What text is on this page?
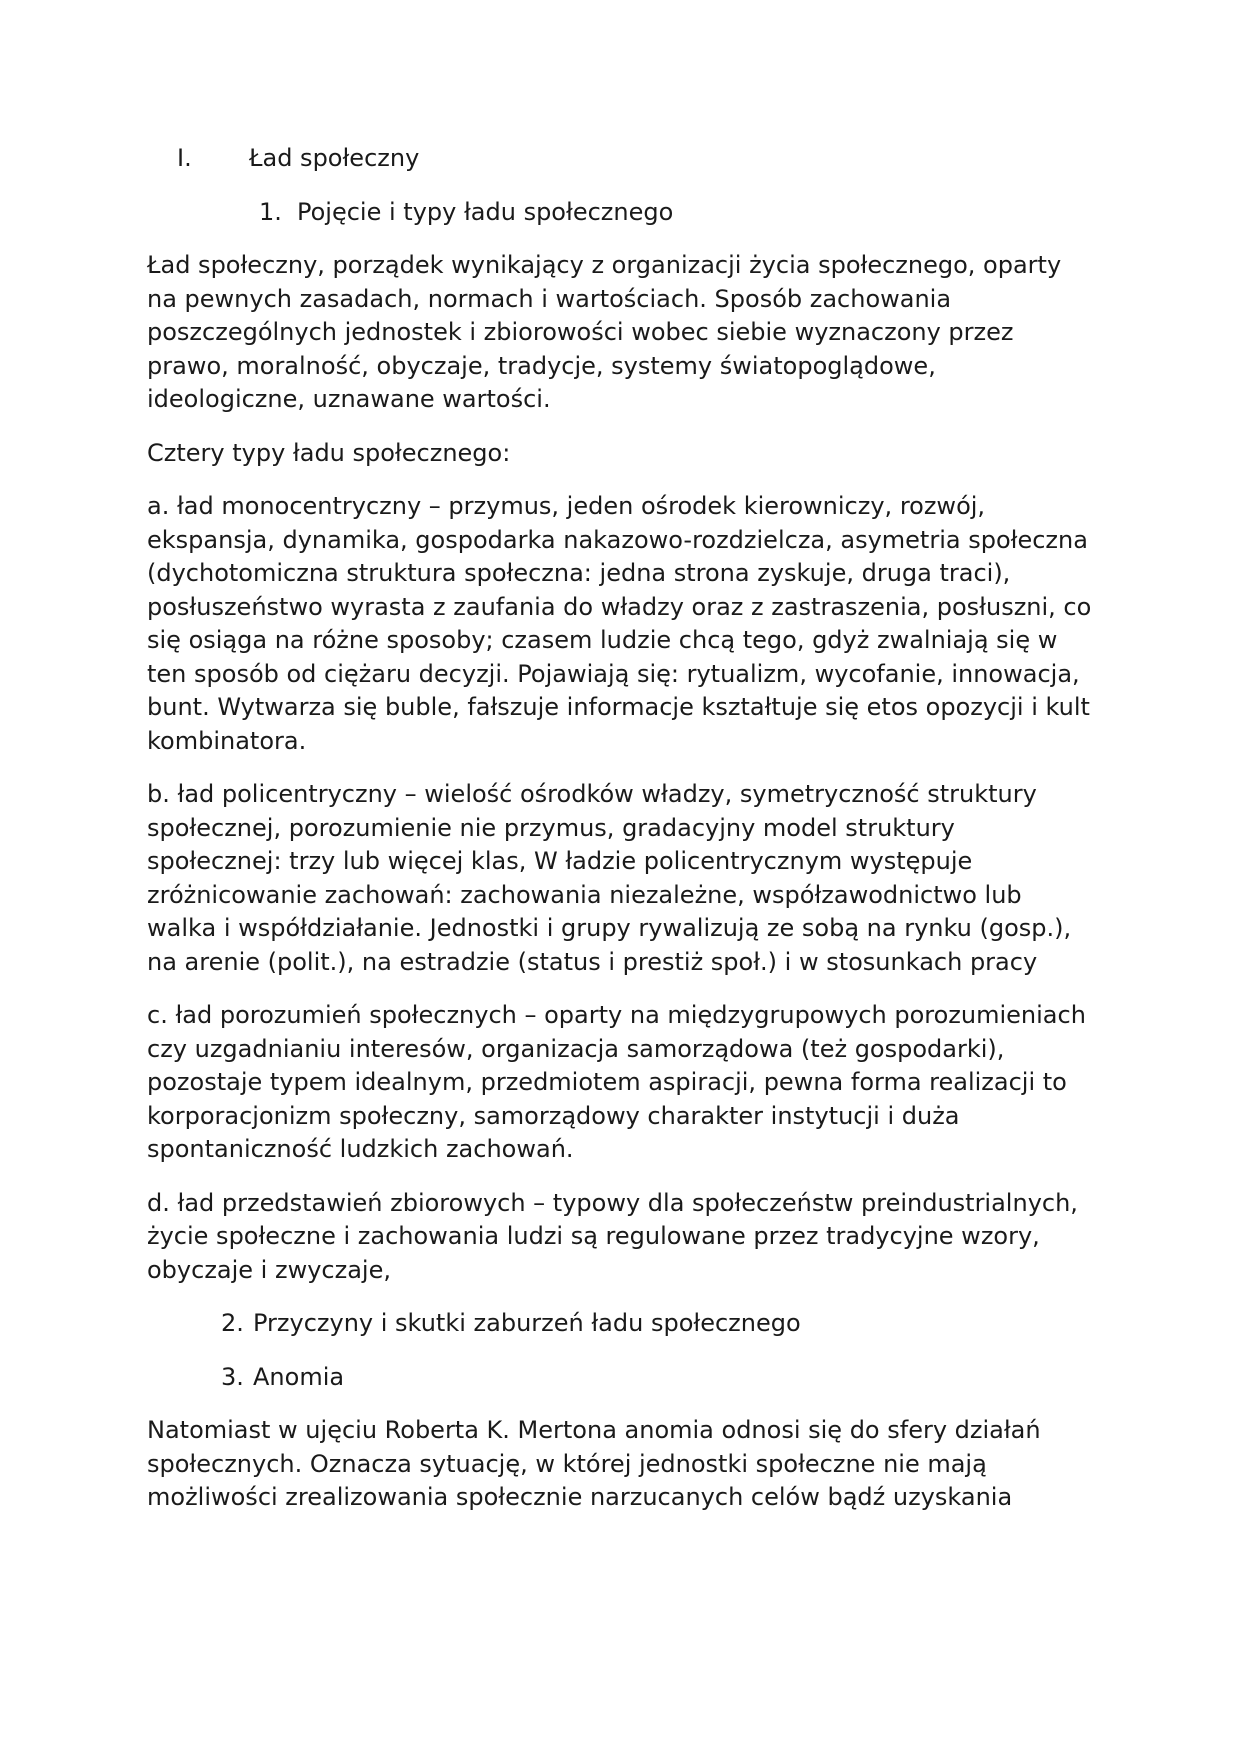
I.	Ład społeczny
1. Pojęcie i typy ładu społecznego

Ład społeczny, porządek wynikający z organizacji życia społecznego, oparty na pewnych zasadach, normach i wartościach. Sposób zachowania poszczególnych jednostek i zbiorowości wobec siebie wyznaczony przez prawo, moralność, obyczaje, tradycje, systemy światopoglądowe, ideologiczne, uznawane wartości.

Cztery typy ładu społecznego:

a. ład monocentryczny – przymus, jeden ośrodek kierowniczy, rozwój, ekspansja, dynamika, gospodarka nakazowo-rozdzielcza, asymetria społeczna (dychotomiczna struktura społeczna: jedna strona zyskuje, druga traci), posłuszeństwo wyrasta z zaufania do władzy oraz z zastraszenia, posłuszni, co się osiąga na różne sposoby; czasem ludzie chcą tego, gdyż zwalniają się w ten sposób od ciężaru decyzji. Pojawiają się: rytualizm, wycofanie, innowacja, bunt. Wytwarza się buble, fałszuje informacje kształtuje się etos opozycji i kult kombinatora.

b. ład policentryczny – wielość ośrodków władzy, symetryczność struktury społecznej, porozumienie nie przymus, gradacyjny model struktury społecznej: trzy lub więcej klas, W ładzie policentrycznym występuje zróżnicowanie zachowań: zachowania niezależne, współzawodnictwo lub walka i współdziałanie. Jednostki i grupy rywalizują ze sobą na rynku (gosp.), na arenie (polit.), na estradzie (status i prestiż społ.) i w stosunkach pracy

c. ład porozumień społecznych – oparty na międzygrupowych porozumieniach czy uzgadnianiu interesów, organizacja samorządowa (też gospodarki), pozostaje typem idealnym, przedmiotem aspiracji, pewna forma realizacji to korporacjonizm społeczny, samorządowy charakter instytucji i duża spontaniczność ludzkich zachowań.

d. ład przedstawień zbiorowych – typowy dla społeczeństw preindustrialnych, życie społeczne i zachowania ludzi są regulowane przez tradycyjne wzory, obyczaje i zwyczaje,

2. Przyczyny i skutki zaburzeń ładu społecznego
3. Anomia

Natomiast w ujęciu Roberta K. Mertona anomia odnosi się do sfery działań społecznych. Oznacza sytuację, w której jednostki społeczne nie mają możliwości zrealizowania społecznie narzucanych celów bądź uzyskania
